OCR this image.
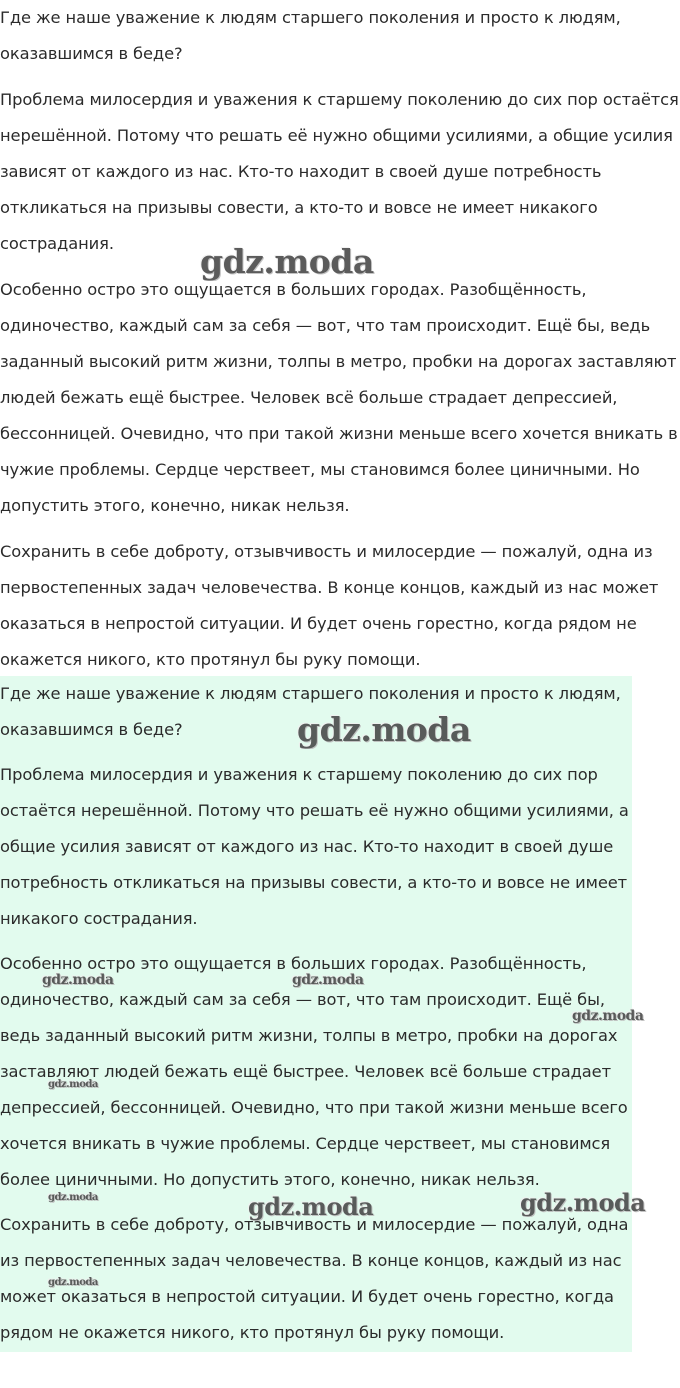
Где же наше уважение к людям старшего поколения и просто к людям, оказавшимся в беде?

Проблема милосердия и уважения к старшему поколению до сих пор остаётся нерешённой. Потому что решать её нужно общими усилиями, а общие усилия зависят от каждого из нас. Кто-то находит в своей душе потребность откликаться на призывы совести, а кто-то и вовсе не имеет никакого сострадания.

Особенно остро это ощущается в больших городах. Разобщённость, одиночество, каждый сам за себя — вот, что там происходит. Ещё бы, ведь заданный высокий ритм жизни, толпы в метро, пробки на дорогах заставляют людей бежать ещё быстрее. Человек всё больше страдает депрессией, бессонницей. Очевидно, что при такой жизни меньше всего хочется вникать в чужие проблемы. Сердце черствеет, мы становимся более циничными. Но допустить этого, конечно, никак нельзя.

Сохранить в себе доброту, отзывчивость и милосердие — пожалуй, одна из первостепенных задач человечества. В конце концов, каждый из нас может оказаться в непростой ситуации. И будет очень горестно, когда рядом не окажется никого, кто протянул бы руку помощи.

Где же наше уважение к людям старшего поколения и просто к людям, оказавшимся в беде?

Проблема милосердия и уважения к старшему поколению до сих пор остаётся нерешённой. Потому что решать её нужно общими усилиями, а общие усилия зависят от каждого из нас. Кто-то находит в своей душе потребность откликаться на призывы совести, а кто-то и вовсе не имеет никакого сострадания.

Особенно остро это ощущается в больших городах. Разобщённость, одиночество, каждый сам за себя — вот, что там происходит. Ещё бы, ведь заданный высокий ритм жизни, толпы в метро, пробки на дорогах заставляют людей бежать ещё быстрее. Человек всё больше страдает депрессией, бессонницей. Очевидно, что при такой жизни меньше всего хочется вникать в чужие проблемы. Сердце черствеет, мы становимся более циничными. Но допустить этого, конечно, никак нельзя.

Сохранить в себе доброту, отзывчивость и милосердие — пожалуй, одна из первостепенных задач человечества. В конце концов, каждый из нас может оказаться в непростой ситуации. И будет очень горестно, когда рядом не окажется никого, кто протянул бы руку помощи.

gdz.moda
gdz.moda
gdz.moda	gdz.moda
gdz.moda
gdz.moda
gdz.moda	gdz.moda	gdz.moda
gdz.moda
